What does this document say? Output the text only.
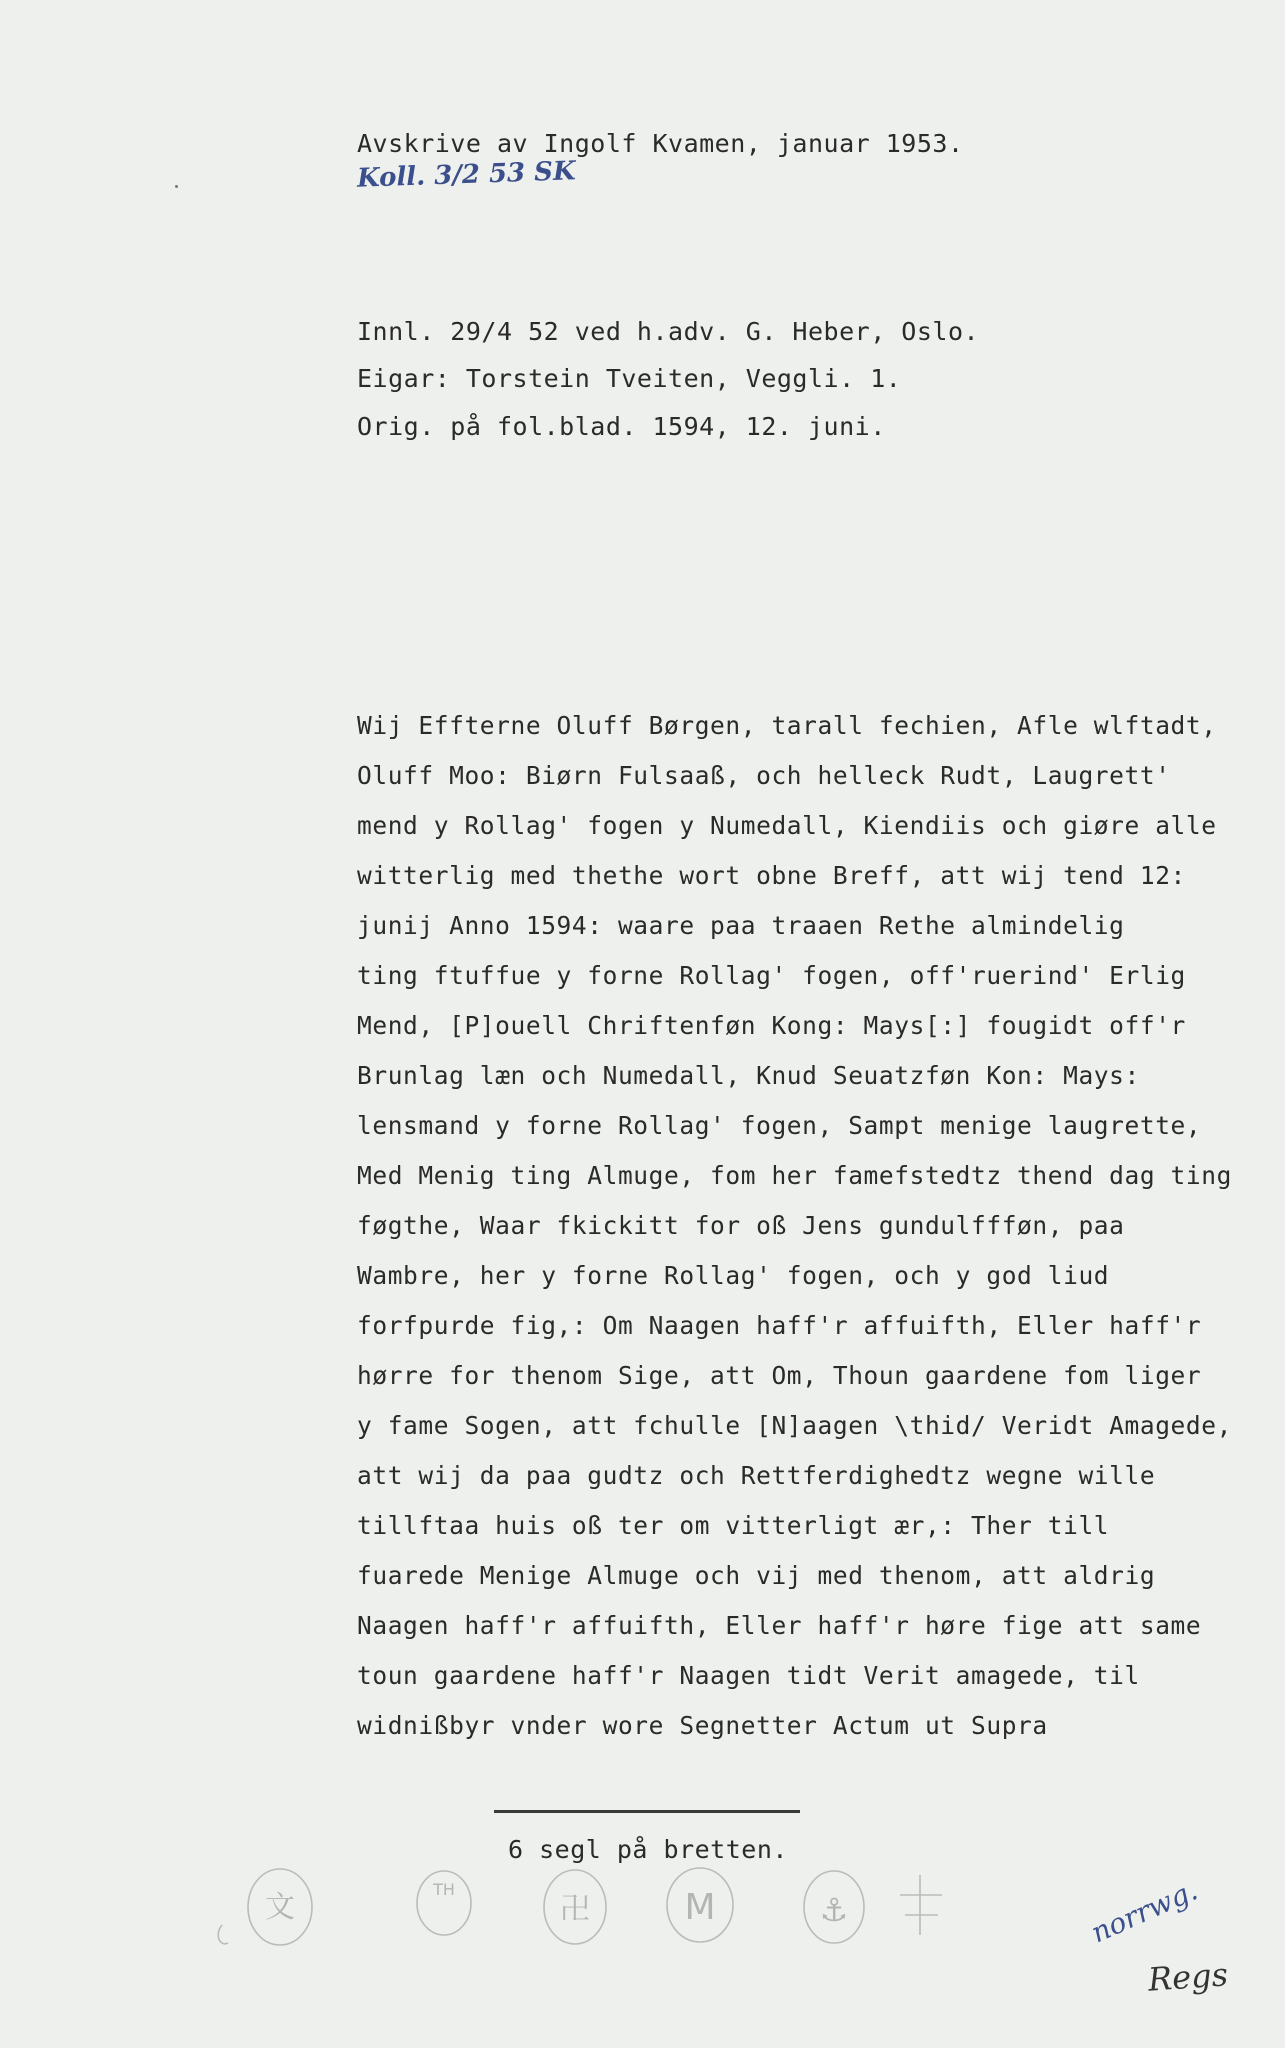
Avskrive av Ingolf Kvamen, januar 1953.
Koll. 3/2 53 SK
Innl. 29/4 52 ved h.adv. G. Heber, Oslo.
Eigar: Torstein Tveiten, Veggli. 1.
Orig. på fol.blad. 1594, 12. juni.
Wij Effterne Oluff Børgen, tarall fechien, Afle wlftadt,
Oluff Moo: Biørn Fulsaaß, och helleck Rudt, Laugrett'
mend y Rollag' fogen y Numedall, Kiendiis och giøre alle
witterlig med thethe wort obne Breff, att wij tend 12:
junij Anno 1594: waare paa traaen Rethe almindelig
ting ftuffue y forne Rollag' fogen, off'ruerind' Erlig
Mend, [P]ouell Chriftenføn Kong: Mays[:] fougidt off'r
Brunlag læn och Numedall, Knud Seuatzføn Kon: Mays:
lensmand y forne Rollag' fogen, Sampt menige laugrette,
Med Menig ting Almuge, fom her famefstedtz thend dag ting
føgthe, Waar fkickitt for oß Jens gundulffføn, paa
Wambre, her y forne Rollag' fogen, och y god liud
forfpurde fig,: Om Naagen haff'r affuifth, Eller haff'r
hørre for thenom Sige, att Om, Thoun gaardene fom liger
y fame Sogen, att fchulle [N]aagen \thid/ Veridt Amagede,
att wij da paa gudtz och Rettferdighedtz wegne wille
tillftaa huis oß ter om vitterligt ær,: Ther till
fuarede Menige Almuge och vij med thenom, att aldrig
Naagen haff'r affuifth, Eller haff'r høre fige att same
toun gaardene haff'r Naagen tidt Verit amagede, til
widnißbyr vnder wore Segnetter Actum ut Supra
6 segl på bretten.
文
TH
卍	M	⚓	norrwg.
Regs
